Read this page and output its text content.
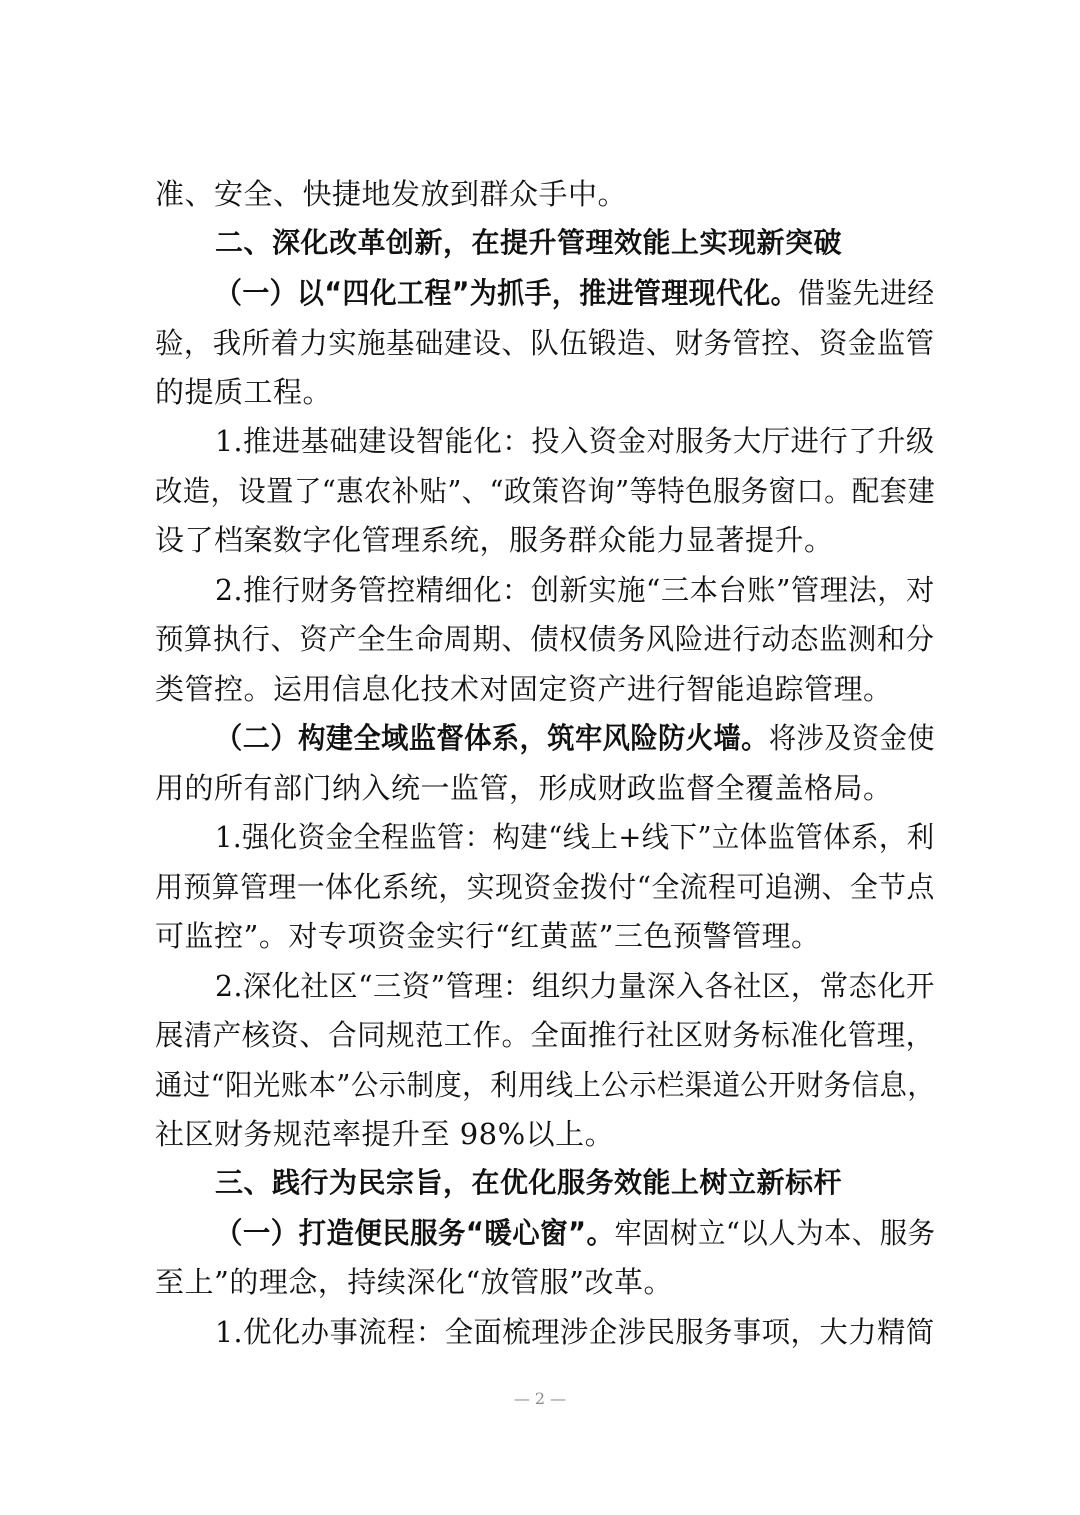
准、安全、快捷地发放到群众手中。
二、深化改革创新，在提升管理效能上实现新突破
（一）以“四化工程”为抓手，推进管理现代化。借鉴先进经
验，我所着力实施基础建设、队伍锻造、财务管控、资金监管
的提质工程。
1.推进基础建设智能化：投入资金对服务大厅进行了升级
改造，设置了“惠农补贴”、“政策咨询”等特色服务窗口。配套建
设了档案数字化管理系统，服务群众能力显著提升。
2.推行财务管控精细化：创新实施“三本台账”管理法，对
预算执行、资产全生命周期、债权债务风险进行动态监测和分
类管控。运用信息化技术对固定资产进行智能追踪管理。
（二）构建全域监督体系，筑牢风险防火墙。将涉及资金使
用的所有部门纳入统一监管，形成财政监督全覆盖格局。
1.强化资金全程监管：构建“线上+线下”立体监管体系，利
用预算管理一体化系统，实现资金拨付“全流程可追溯、全节点
可监控”。对专项资金实行“红黄蓝”三色预警管理。
2.深化社区“三资”管理：组织力量深入各社区，常态化开
展清产核资、合同规范工作。全面推行社区财务标准化管理，
通过“阳光账本”公示制度，利用线上公示栏渠道公开财务信息，
社区财务规范率提升至 98%以上。
三、践行为民宗旨，在优化服务效能上树立新标杆
（一）打造便民服务“暖心窗”。牢固树立“以人为本、服务
至上”的理念，持续深化“放管服”改革。
1.优化办事流程：全面梳理涉企涉民服务事项，大力精简
— 2 —
